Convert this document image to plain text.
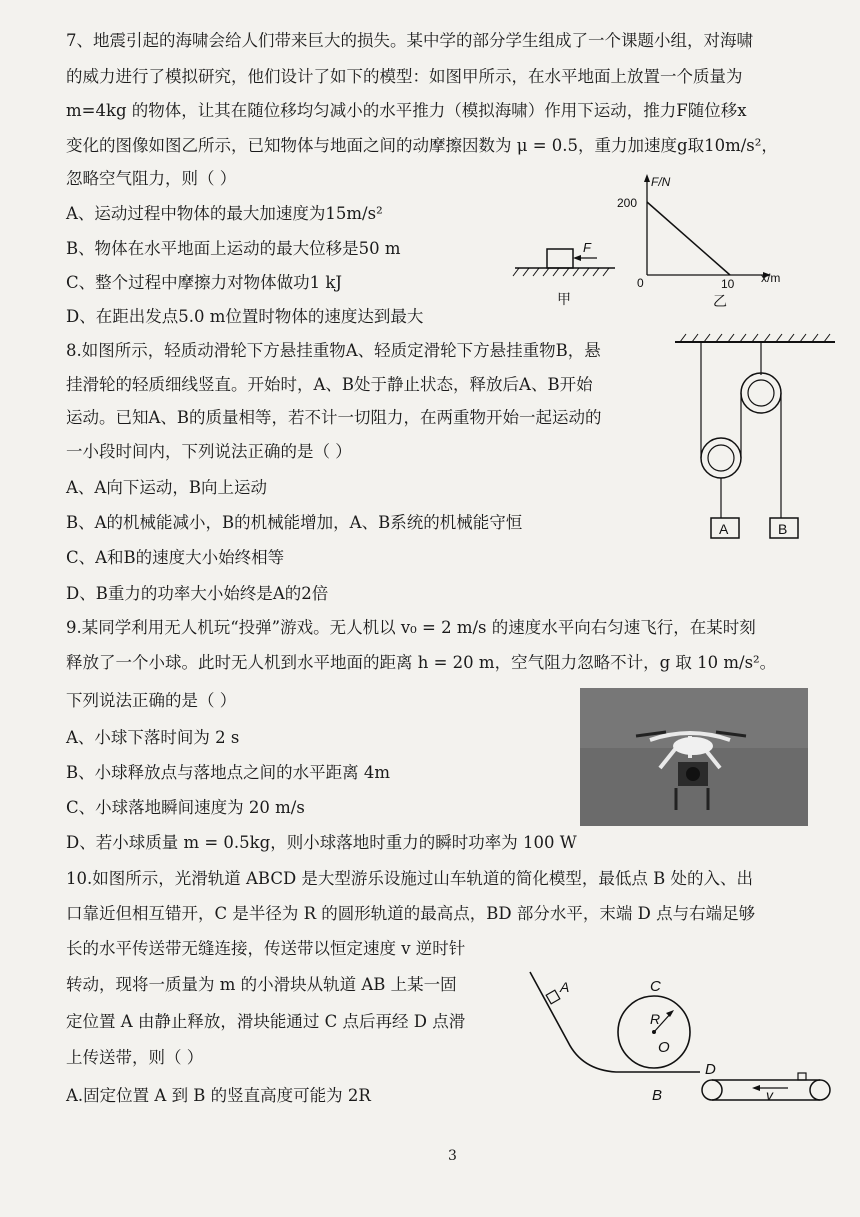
7、地震引起的海啸会给人们带来巨大的损失。某中学的部分学生组成了一个课题小组，对海啸
的威力进行了模拟研究，他们设计了如下的模型：如图甲所示，在水平地面上放置一个质量为
m=4kg 的物体，让其在随位移均匀减小的水平推力（模拟海啸）作用下运动，推力F随位移x
变化的图像如图乙所示，已知物体与地面之间的动摩擦因数为 μ = 0.5，重力加速度g取10m/s²，
忽略空气阻力，则（ ）
A、运动过程中物体的最大加速度为15m/s²
B、物体在水平地面上运动的最大位移是50 m
C、整个过程中摩擦力对物体做功1 kJ
D、在距出发点5.0 m位置时物体的速度达到最大
F
甲
F/N
200
0	10 x/m
乙
8.如图所示，轻质动滑轮下方悬挂重物A、轻质定滑轮下方悬挂重物B，悬
挂滑轮的轻质细线竖直。开始时，A、B处于静止状态，释放后A、B开始
运动。已知A、B的质量相等，若不计一切阻力，在两重物开始一起运动的
一小段时间内，下列说法正确的是（ ）
A、A向下运动，B向上运动
B、A的机械能减小，B的机械能增加，A、B系统的机械能守恒
C、A和B的速度大小始终相等
D、B重力的功率大小始终是A的2倍
A	B
9.某同学利用无人机玩“投弹”游戏。无人机以 v₀ = 2 m/s 的速度水平向右匀速飞行，在某时刻
释放了一个小球。此时无人机到水平地面的距离 h = 20 m，空气阻力忽略不计，g 取 10 m/s²。
下列说法正确的是（ ）
A、小球下落时间为 2 s
B、小球释放点与落地点之间的水平距离 4m
C、小球落地瞬间速度为 20 m/s
D、若小球质量 m = 0.5kg，则小球落地时重力的瞬时功率为 100 W
10.如图所示，光滑轨道 ABCD 是大型游乐设施过山车轨道的简化模型，最低点 B 处的入、出
口靠近但相互错开，C 是半径为 R 的圆形轨道的最高点，BD 部分水平，末端 D 点与右端足够
长的水平传送带无缝连接，传送带以恒定速度 v 逆时针
转动，现将一质量为 m 的小滑块从轨道 AB 上某一固
定位置 A 由静止释放，滑块能通过 C 点后再经 D 点滑
上传送带，则（ ）
A.固定位置 A 到 B 的竖直高度可能为 2R
A
R
O
C
B
D
v
3
